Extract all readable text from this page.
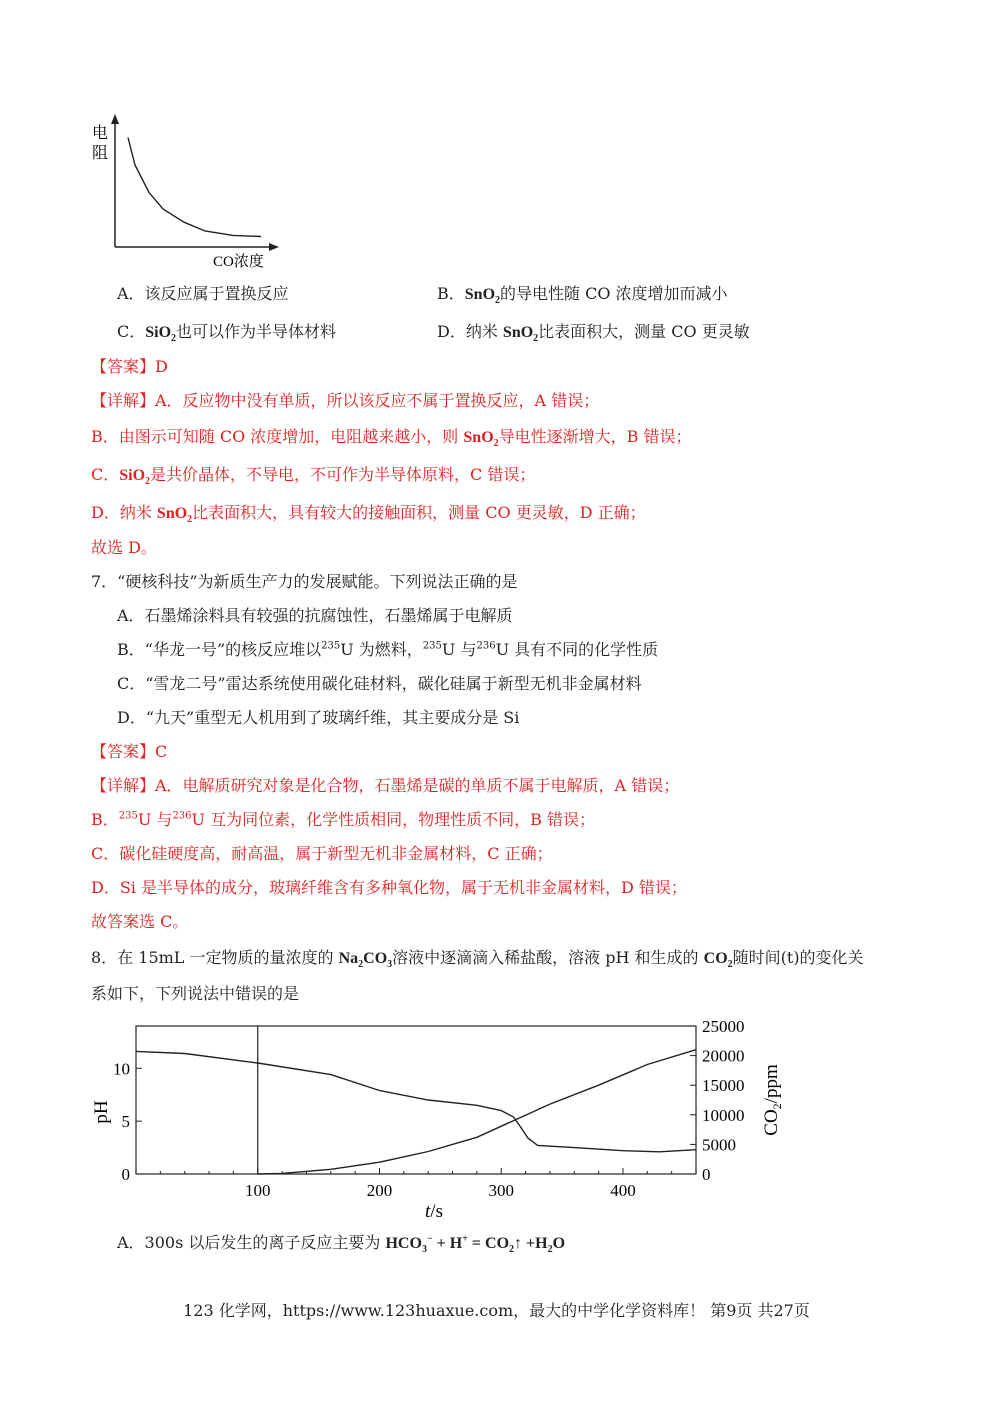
电
阻
CO浓度
A．该反应属于置换反应	B．SnO$_2$的导电性随 CO 浓度增加而减小
C．SiO$_2$也可以作为半导体材料	D．纳米 SnO$_2$比表面积大，测量 CO 更灵敏
【答案】D
【详解】A．反应物中没有单质，所以该反应不属于置换反应，A 错误；
B．由图示可知随 CO 浓度增加，电阻越来越小，则 SnO$_2$导电性逐渐增大，B 错误；
C．SiO$_2$是共价晶体，不导电，不可作为半导体原料，C 错误；
D．纳米 SnO$_2$比表面积大，具有较大的接触面积，测量 CO 更灵敏，D 正确；
故选 D。
7．“硬核科技”为新质生产力的发展赋能。下列说法正确的是
A．石墨烯涂料具有较强的抗腐蚀性，石墨烯属于电解质
B．“华龙一号”的核反应堆以$^{235}$U 为燃料，$^{235}$U 与$^{236}$U 具有不同的化学性质
C．“雪龙二号”雷达系统使用碳化硅材料，碳化硅属于新型无机非金属材料
D．“九天”重型无人机用到了玻璃纤维，其主要成分是 Si
【答案】C
【详解】A．电解质研究对象是化合物，石墨烯是碳的单质不属于电解质，A 错误；
B．$^{235}$U 与$^{236}$U 互为同位素，化学性质相同，物理性质不同，B 错误；
C．碳化硅硬度高，耐高温，属于新型无机非金属材料，C 正确；
D．Si 是半导体的成分，玻璃纤维含有多种氧化物，属于无机非金属材料，D 错误；
故答案选 C。
8．在 15mL 一定物质的量浓度的 $Na_2CO_3$溶液中逐滴滴入稀盐酸，溶液 pH 和生成的 $CO_2$随时间(t)的变化关
系如下，下列说法中错误的是
100	200	300	400
0
5
10
0
5000
10000
15000
20000
25000
pH	$CO_2$/ppm
t/s
A．300s 以后发生的离子反应主要为 $HCO_3^- + H^+$ = $CO_2↑ +H_2O$
123 化学网，https://www.123huaxue.com，最大的中学化学资料库！ 第9页 共27页
